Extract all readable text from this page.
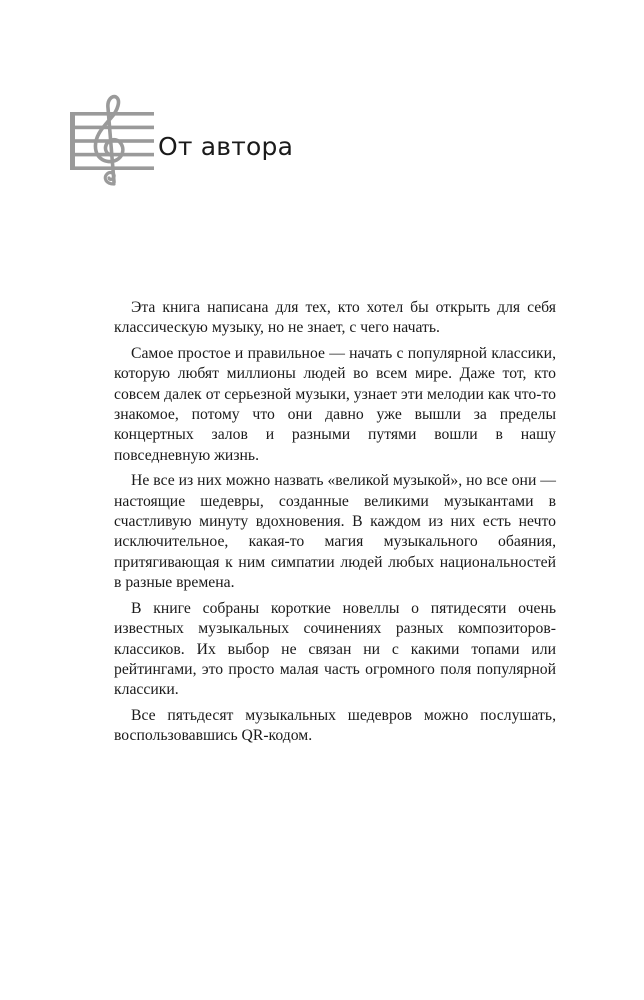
От автора

Эта книга написана для тех, кто хотел бы открыть для себя классическую музыку, но не знает, с чего начать.

Самое простое и правильное — начать с популярной классики, которую любят миллионы людей во всем мире. Даже тот, кто совсем далек от серьезной музыки, узнает эти мелодии как что-то знакомое, потому что они давно уже вышли за пределы концертных залов и разными путями вошли в нашу повседневную жизнь.

Не все из них можно назвать «великой музыкой», но все они — настоящие шедевры, созданные великими музыкантами в счастливую минуту вдохновения. В каждом из них есть нечто исключительное, какая-то магия музыкального обаяния, притягивающая к ним симпатии людей любых национальностей в разные времена.

В книге собраны короткие новеллы о пятидесяти очень известных музыкальных сочинениях разных композиторов-классиков. Их выбор не связан ни с какими топами или рейтингами, это просто малая часть огромного поля популярной классики.

Все пятьдесят музыкальных шедевров можно послушать, воспользовавшись QR-кодом.
